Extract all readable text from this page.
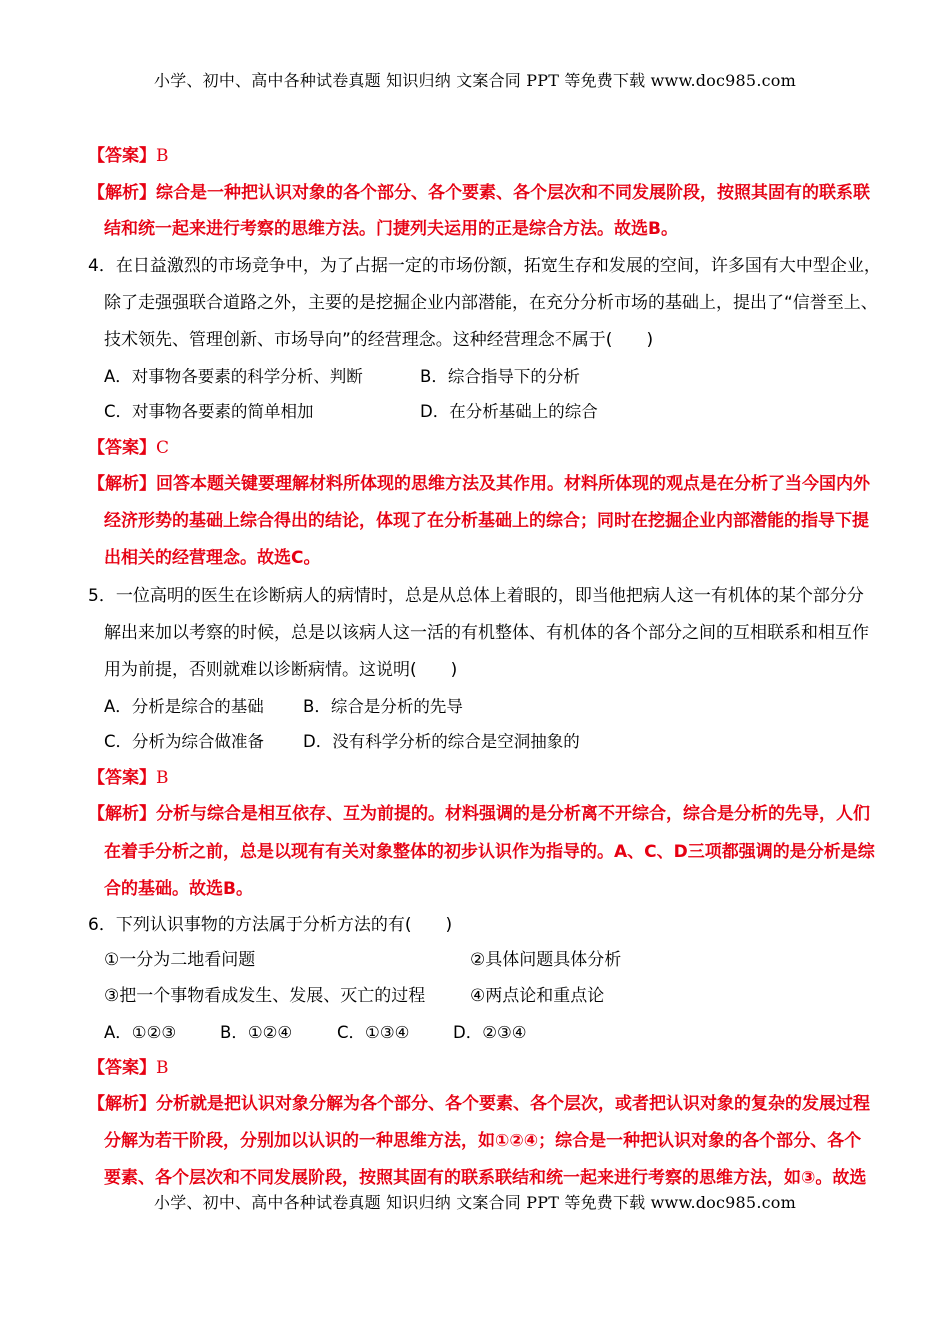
小学、初中、高中各种试卷真题 知识归纳 文案合同 PPT 等免费下载 www.doc985.com
【答案】B
【解析】综合是一种把认识对象的各个部分、各个要素、各个层次和不同发展阶段，按照其固有的联系联
结和统一起来进行考察的思维方法。门捷列夫运用的正是综合方法。故选B。
4．在日益激烈的市场竞争中，为了占据一定的市场份额，拓宽生存和发展的空间，许多国有大中型企业，
除了走强强联合道路之外，主要的是挖掘企业内部潜能，在充分分析市场的基础上，提出了“信誉至上、
技术领先、管理创新、市场导向”的经营理念。这种经营理念不属于(　　)
A．对事物各要素的科学分析、判断	B．综合指导下的分析
C．对事物各要素的简单相加	D．在分析基础上的综合
【答案】C
【解析】回答本题关键要理解材料所体现的思维方法及其作用。材料所体现的观点是在分析了当今国内外
经济形势的基础上综合得出的结论，体现了在分析基础上的综合；同时在挖掘企业内部潜能的指导下提
出相关的经营理念。故选C。
5．一位高明的医生在诊断病人的病情时，总是从总体上着眼的，即当他把病人这一有机体的某个部分分
解出来加以考察的时候，总是以该病人这一活的有机整体、有机体的各个部分之间的互相联系和相互作
用为前提，否则就难以诊断病情。这说明(　　)
A．分析是综合的基础 B．综合是分析的先导
C．分析为综合做准备 D．没有科学分析的综合是空洞抽象的
【答案】B
【解析】分析与综合是相互依存、互为前提的。材料强调的是分析离不开综合，综合是分析的先导，人们
在着手分析之前，总是以现有有关对象整体的初步认识作为指导的。A、C、D三项都强调的是分析是综
合的基础。故选B。
6．下列认识事物的方法属于分析方法的有(　　)
①一分为二地看问题	②具体问题具体分析
③把一个事物看成发生、发展、灭亡的过程	④两点论和重点论
A．①②③	B．①②④	C．①③④	D．②③④
【答案】B
【解析】分析就是把认识对象分解为各个部分、各个要素、各个层次，或者把认识对象的复杂的发展过程
分解为若干阶段，分别加以认识的一种思维方法，如①②④；综合是一种把认识对象的各个部分、各个
要素、各个层次和不同发展阶段，按照其固有的联系联结和统一起来进行考察的思维方法，如③。故选
小学、初中、高中各种试卷真题 知识归纳 文案合同 PPT 等免费下载 www.doc985.com
